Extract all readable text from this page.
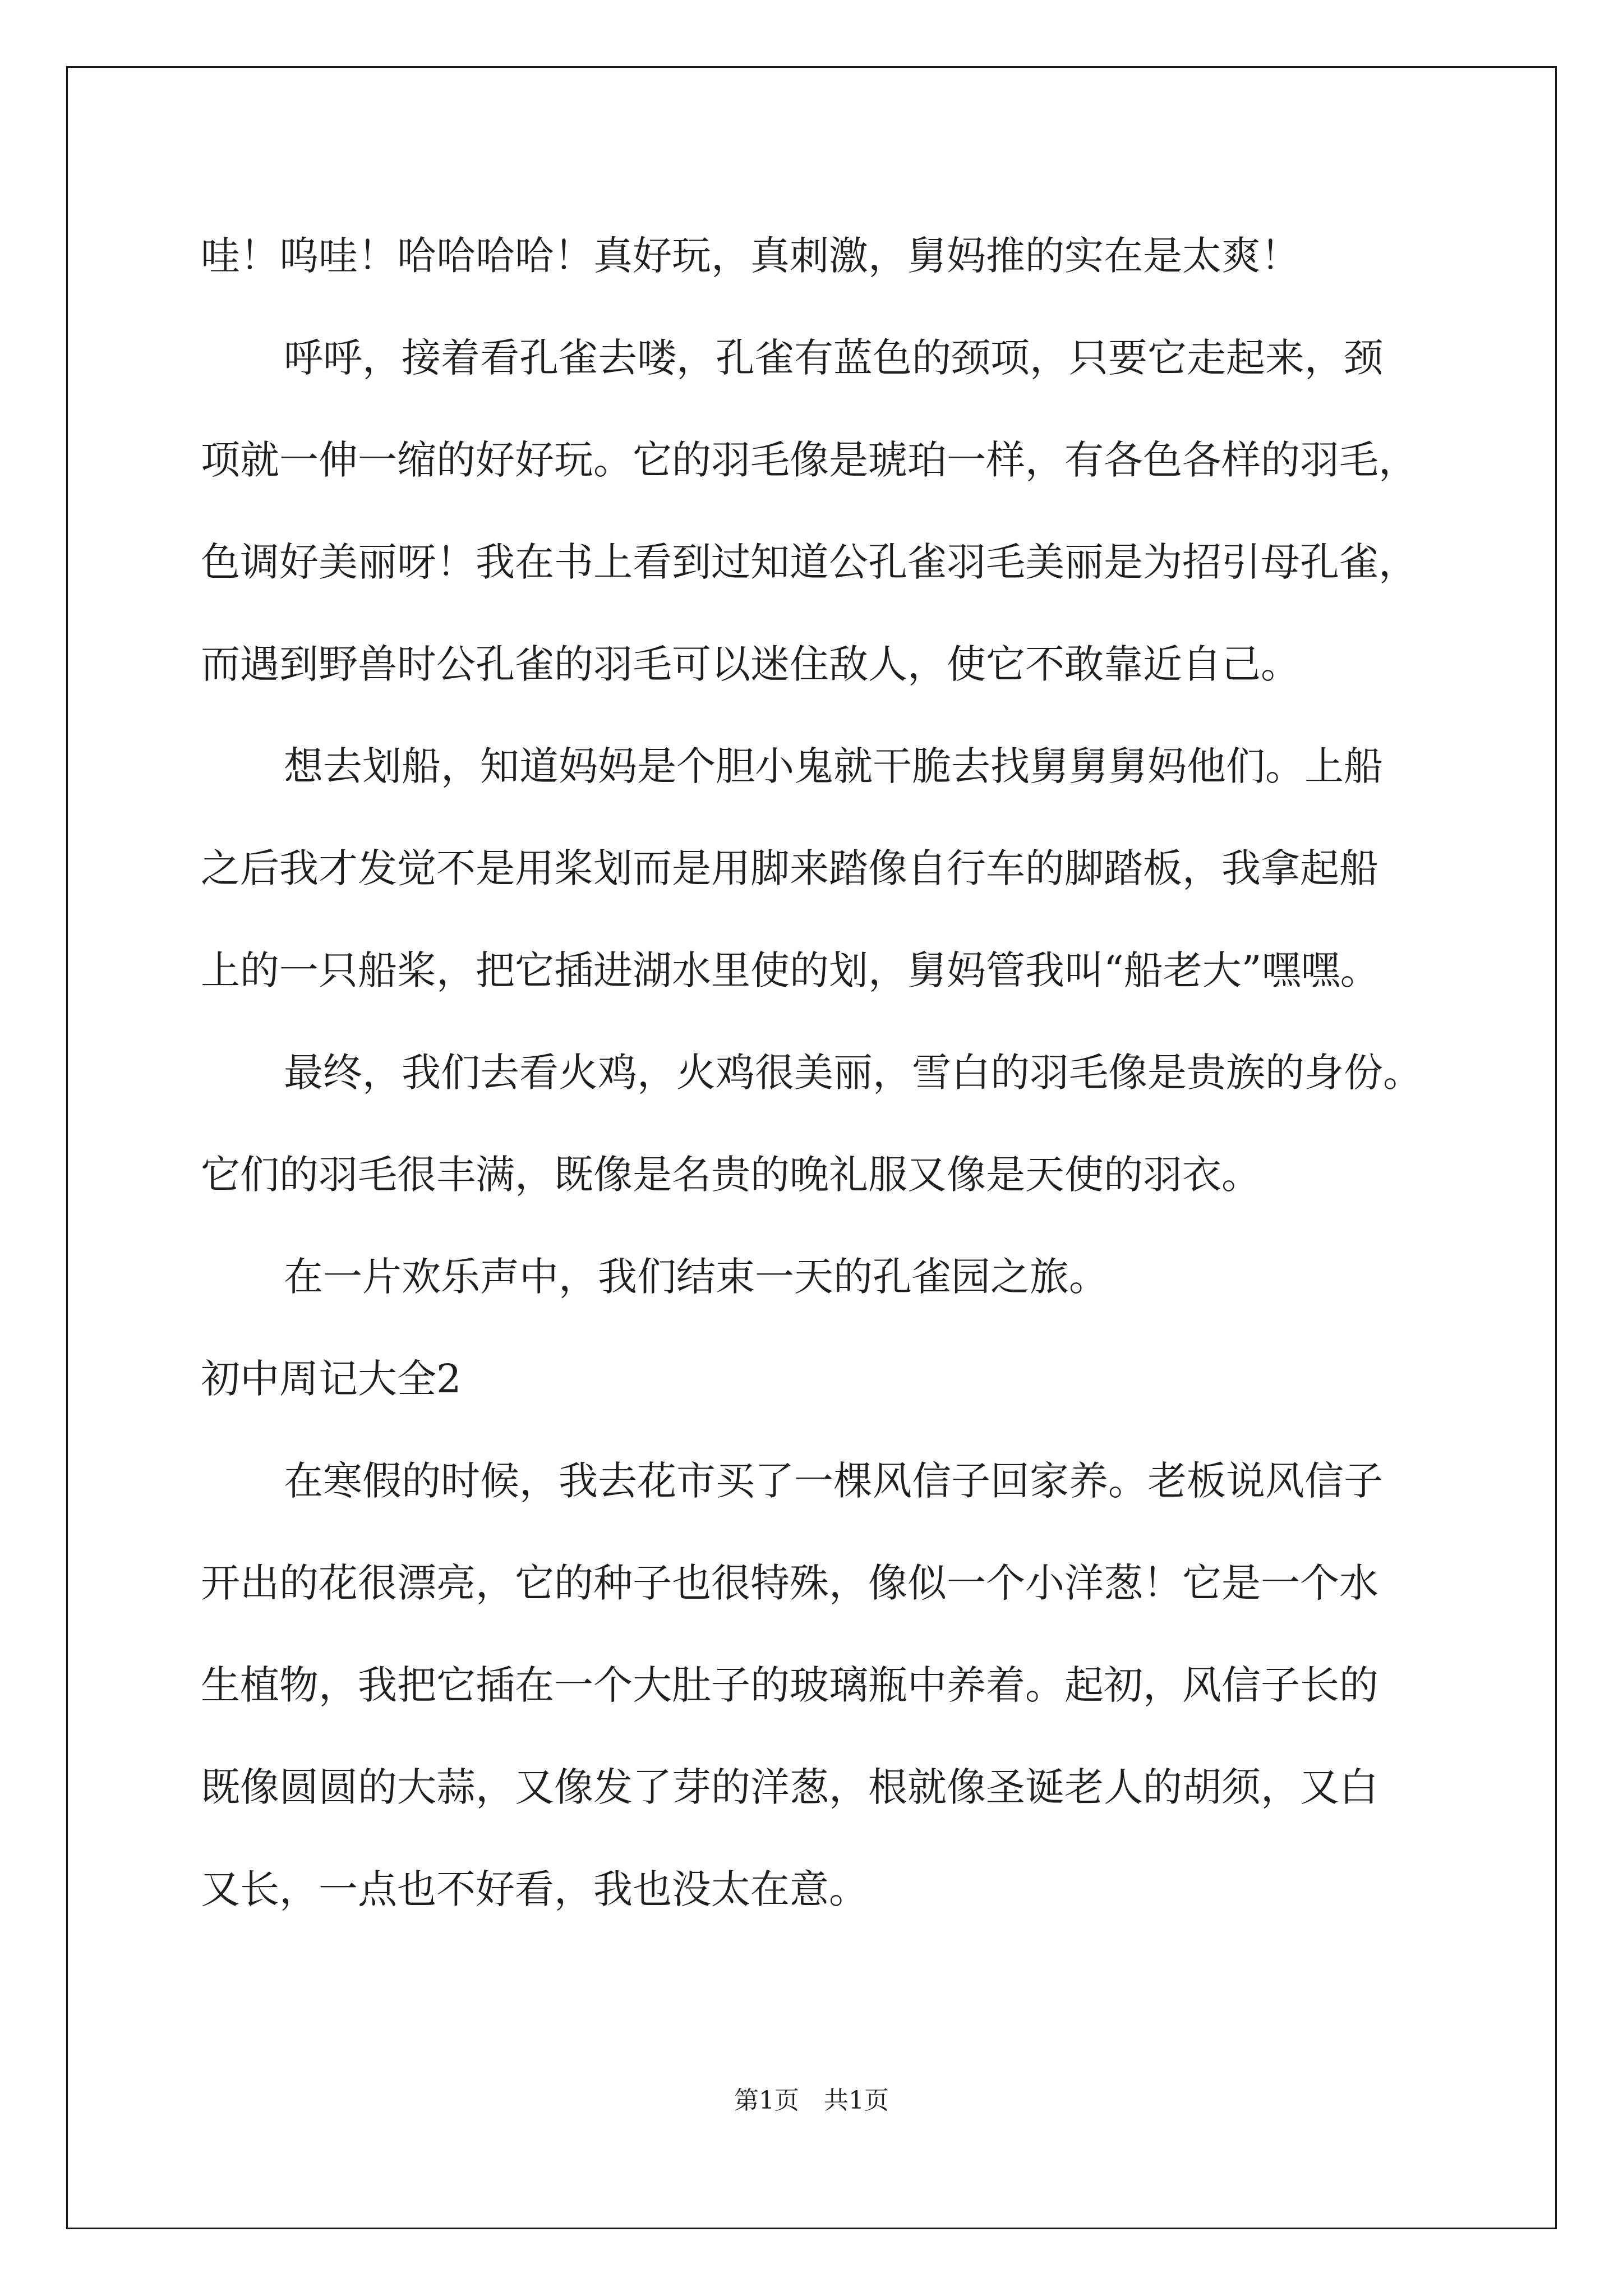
哇！呜哇！哈哈哈哈！真好玩，真刺激，舅妈推的实在是太爽！

呼呼，接着看孔雀去喽，孔雀有蓝色的颈项，只要它走起来，颈

项就一伸一缩的好好玩。它的羽毛像是琥珀一样，有各色各样的羽毛，

色调好美丽呀！我在书上看到过知道公孔雀羽毛美丽是为招引母孔雀，

而遇到野兽时公孔雀的羽毛可以迷住敌人，使它不敢靠近自己。

想去划船，知道妈妈是个胆小鬼就干脆去找舅舅舅妈他们。上船

之后我才发觉不是用桨划而是用脚来踏像自行车的脚踏板，我拿起船

上的一只船桨，把它插进湖水里使的划，舅妈管我叫“船老大”嘿嘿。

最终，我们去看火鸡，火鸡很美丽，雪白的羽毛像是贵族的身份。

它们的羽毛很丰满，既像是名贵的晚礼服又像是天使的羽衣。

在一片欢乐声中，我们结束一天的孔雀园之旅。

初中周记大全2

在寒假的时候，我去花市买了一棵风信子回家养。老板说风信子

开出的花很漂亮，它的种子也很特殊，像似一个小洋葱！它是一个水

生植物，我把它插在一个大肚子的玻璃瓶中养着。起初，风信子长的

既像圆圆的大蒜，又像发了芽的洋葱，根就像圣诞老人的胡须，又白

又长，一点也不好看，我也没太在意。

第1页　共1页
